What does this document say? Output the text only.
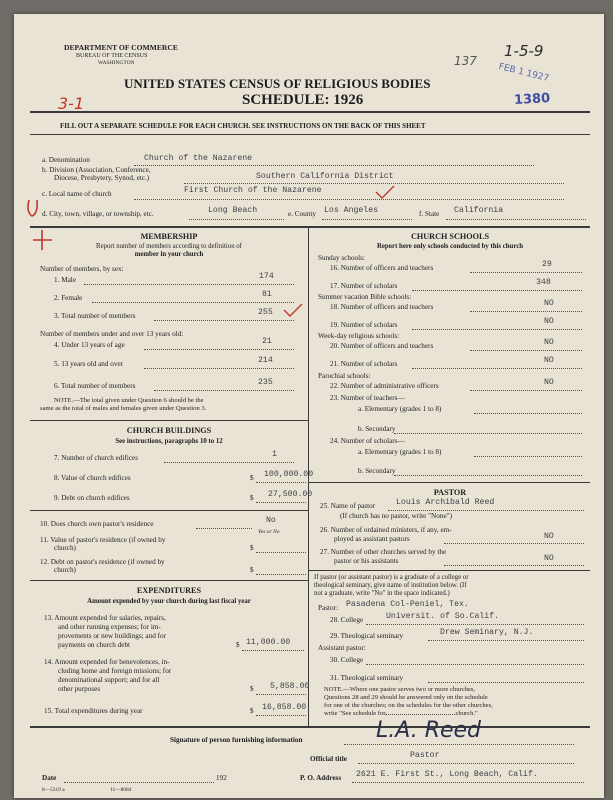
DEPARTMENT OF COMMERCE
BUREAU OF THE CENSUS
WASHINGTON
UNITED STATES CENSUS OF RELIGIOUS BODIES
SCHEDULE: 1926
FILL OUT A SEPARATE SCHEDULE FOR EACH CHURCH. SEE INSTRUCTIONS ON THE BACK OF THIS SHEET
1-5-9
137
1380
FEB 1 1927
3-1
a. Denomination	Church of the Nazarene
b. Division (Association, Conference,
Diocese, Presbytery, Synod, etc.)	Southern California District
c. Local name of church	First Church of the Nazarene
d. City, town, village, or township, etc.	Long Beach	e. County Los Angeles	f. State California
MEMBERSHIP
Report number of members according to definition of
member in your church
Number of members, by sex:
1. Male	174
2. Female	81
3. Total number of members	255
Number of members under and over 13 years old:
4. Under 13 years of age	21
5. 13 years old and over	214
6. Total number of members	235
NOTE.—The total given under Question 6 should be the
same as the total of males and females given under Question 3.
CHURCH BUILDINGS
See instructions, paragraphs 10 to 12
7. Number of church edifices	1
8. Value of church edifices	$ 100,000.00
9. Debt on church edifices	$ 27,500.00
10. Does church own pastor's residence	No
Yes or No
11. Value of pastor's residence (if owned by
church)	$
12. Debt on pastor's residence (if owned by
church)	$
EXPENDITURES
Amount expended by your church during last fiscal year
13. Amount expended for salaries, repairs,
and other running expenses; for im-
provements or new buildings; and for
payments on church debt	$ 11,000.00
14. Amount expended for benevolences, in-
cluding home and foreign missions; for
denominational support; and for all
other purposes	$ 5,858.00
15. Total expenditures during year	$ 16,858.00
CHURCH SCHOOLS
Report here only schools conducted by this church
Sunday schools:
16. Number of officers and teachers	29
17. Number of scholars	348
Summer vacation Bible schools:
18. Number of officers and teachers	NO
19. Number of scholars	NO
Week-day religious schools:
20. Number of officers and teachers	NO
21. Number of scholars	NO
Parochial schools:
22. Number of administrative officers	NO
23. Number of teachers—
a. Elementary (grades 1 to 8)
b. Secondary
24. Number of scholars—
a. Elementary (grades 1 to 8)
b. Secondary
PASTOR
25. Name of pastor	Louis Archibald Reed
(If church has no pastor, write "None")
26. Number of ordained ministers, if any, em-
ployed as assistant pastors	NO
27. Number of other churches served by the
pastor or his assistants	NO
If pastor (or assistant pastor) is a graduate of a college or
theological seminary, give name of institution below. (If
not a graduate, write "No" in the space indicated.)
Pastor: Pasadena Col-Peniel, Tex.
28. College	Universit. of So.Calif.
29. Theological seminary	Drew Seminary, N.J.
Assistant pastor:
30. College
31. Theological seminary
NOTE.—Where one pastor serves two or more churches,
Questions 28 and 29 should be answered only on the schedule
for one of the churches; on the schedules for the other churches,
write "See schedule for	church."
Signature of person furnishing information	L.A. Reed
Official title	Pastor
Date	192	P. O. Address 2621 E. First St., Long Beach, Calif.
8—5319 a	11—8084
